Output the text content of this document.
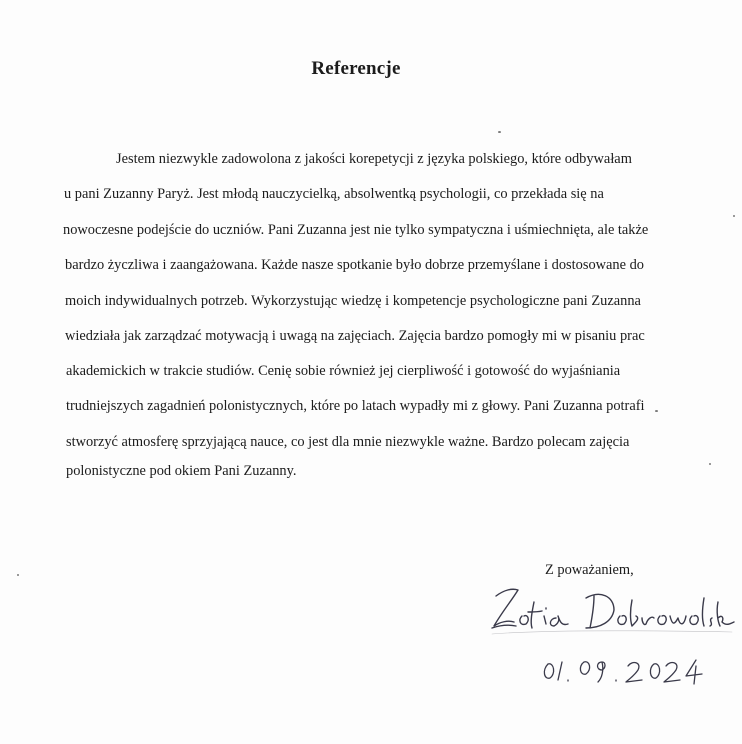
Referencje
Jestem niezwykle zadowolona z jakości korepetycji z języka polskiego, które odbywałam
u pani Zuzanny Paryż. Jest młodą nauczycielką, absolwentką psychologii, co przekłada się na
nowoczesne podejście do uczniów. Pani Zuzanna jest nie tylko sympatyczna i uśmiechnięta, ale także
bardzo życzliwa i zaangażowana. Każde nasze spotkanie było dobrze przemyślane i dostosowane do
moich indywidualnych potrzeb. Wykorzystując wiedzę i kompetencje psychologiczne pani Zuzanna
wiedziała jak zarządzać motywacją i uwagą na zajęciach. Zajęcia bardzo pomogły mi w pisaniu prac
akademickich w trakcie studiów. Cenię sobie również jej cierpliwość i gotowość do wyjaśniania
trudniejszych zagadnień polonistycznych, które po latach wypadły mi z głowy. Pani Zuzanna potrafi
stworzyć atmosferę sprzyjającą nauce, co jest dla mnie niezwykle ważne. Bardzo polecam zajęcia
polonistyczne pod okiem Pani Zuzanny.
Z poważaniem,
